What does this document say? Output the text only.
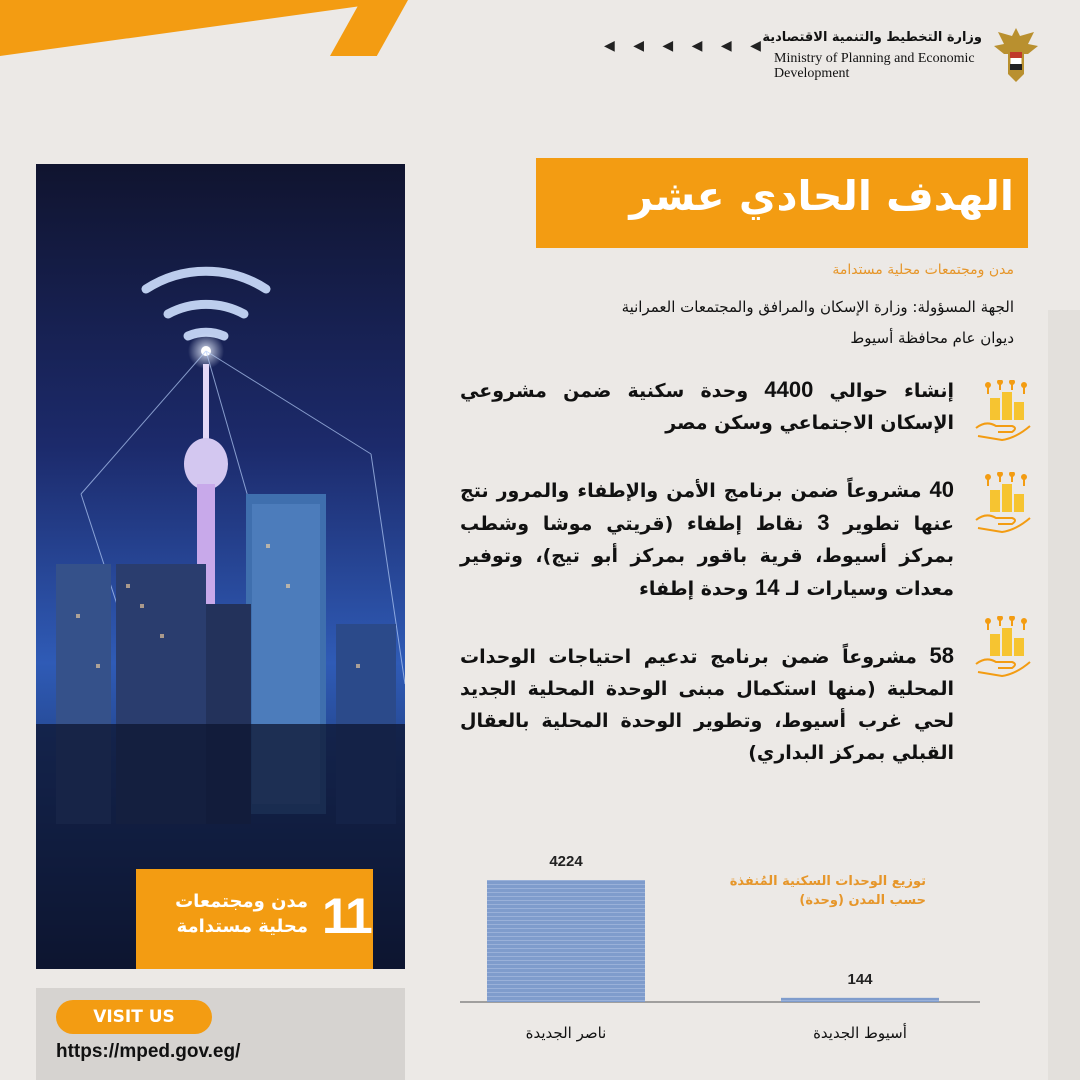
◀ ◀ ◀ ◀ ◀ ◀
وزارة التخطيط والتنمية الاقتصادية
Ministry of Planning and Economic Development
11
مدن ومجتمعات محلية مستدامة
VISIT US
https://mped.gov.eg/
الهدف الحادي عشر
مدن ومجتمعات محلية مستدامة
الجهة المسؤولة: وزارة الإسكان والمرافق والمجتمعات العمرانية
ديوان عام محافظة أسيوط
إنشاء حوالي 4400 وحدة سكنية ضمن مشروعي الإسكان الاجتماعي وسكن مصر
40 مشروعاً ضمن برنامج الأمن والإطفاء والمرور نتج عنها تطوير 3 نقاط إطفاء (قريتي موشا وشطب بمركز أسيوط، قرية باقور بمركز أبو تيج)، وتوفير معدات وسيارات لـ 14 وحدة إطفاء
58 مشروعاً ضمن برنامج تدعيم احتياجات الوحدات المحلية (منها استكمال مبنى الوحدة المحلية الجديد لحي غرب أسيوط، وتطوير الوحدة المحلية بالعقال القبلي بمركز البداري)
توزيع الوحدات السكنية المُنفذة حسب المدن (وحدة)
4224
ناصر الجديدة
144
أسيوط الجديدة
